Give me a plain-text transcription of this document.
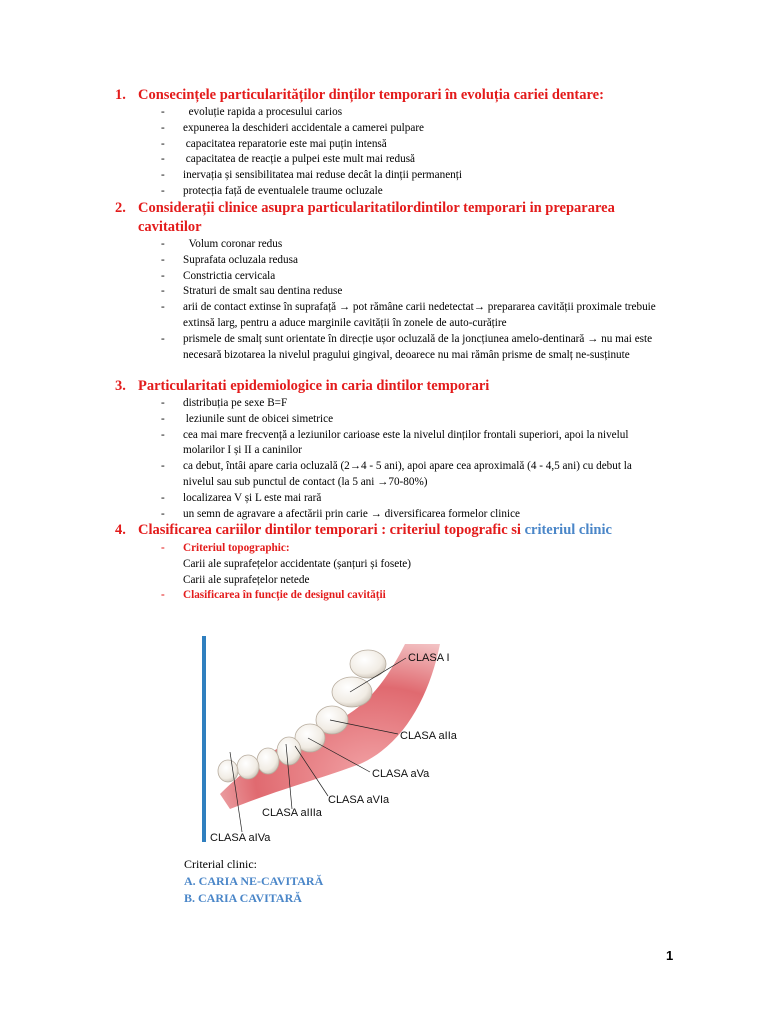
1. Consecințele particularităților dinților temporari în evoluția cariei dentare:
- evoluție rapida a procesului carios
- expunerea la deschideri accidentale a camerei pulpare
- capacitatea reparatorie este mai puțin intensă
- capacitatea de reacție a pulpei este mult mai redusă
- inervația și sensibilitatea mai reduse decât la dinții permanenți
- protecția față de eventualele traume ocluzale
2. Considerații clinice asupra particularitatilordintilor temporari in prepararea cavitatilor
- Volum coronar redus
- Suprafata ocluzala redusa
- Constrictia cervicala
- Straturi de smalt sau dentina reduse
- arii de contact extinse în suprafață → pot rămâne carii nedetectat→ prepararea cavității proximale trebuie extinsă larg, pentru a aduce marginile cavității în zonele de auto-curățire
- prismele de smalț sunt orientate în direcție ușor ocluzală de la joncțiunea amelo-dentinară → nu mai este necesară bizotarea la nivelul pragului gingival, deoarece nu mai rămân prisme de smalț ne-susținute
3. Particularitati epidemiologice in caria dintilor temporari
- distribuția pe sexe B=F
- leziunile sunt de obicei simetrice
- cea mai mare frecvență a leziunilor carioase este la nivelul dinților frontali superiori, apoi la nivelul molarilor I și II a caninilor
- ca debut, întâi apare caria ocluzală (2→4 - 5 ani), apoi apare cea aproximală (4 - 4,5 ani) cu debut la nivelul sau sub punctul de contact (la 5 ani →70-80%)
- localizarea V și L este mai rară
- un semn de agravare a afectării prin carie → diversificarea formelor clinice
4. Clasificarea cariilor dintilor temporari : criteriul topografic si criteriul clinic
- Criteriul topographic:
Carii ale suprafețelor accidentate (șanțuri și fosete)
Carii ale suprafețelor netede
- Clasificarea în funcție de designul cavității
CLASA I
CLASA aIIa
CLASA aVa
CLASA aVIa
CLASA aIIIa
CLASA aIVa
Criterial clinic:
A. CARIA NE-CAVITARĂ
B. CARIA CAVITARĂ
1
